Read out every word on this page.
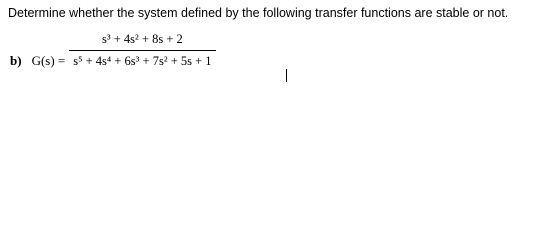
Determine whether the system defined by the following transfer functions are stable or not.
b) $G(s) = \frac{\text{s³ + 4s² + 8s + 2}}{\text{s⁵ + 4s⁴ + 6s³ + 7s² + 5s + 1}}$
